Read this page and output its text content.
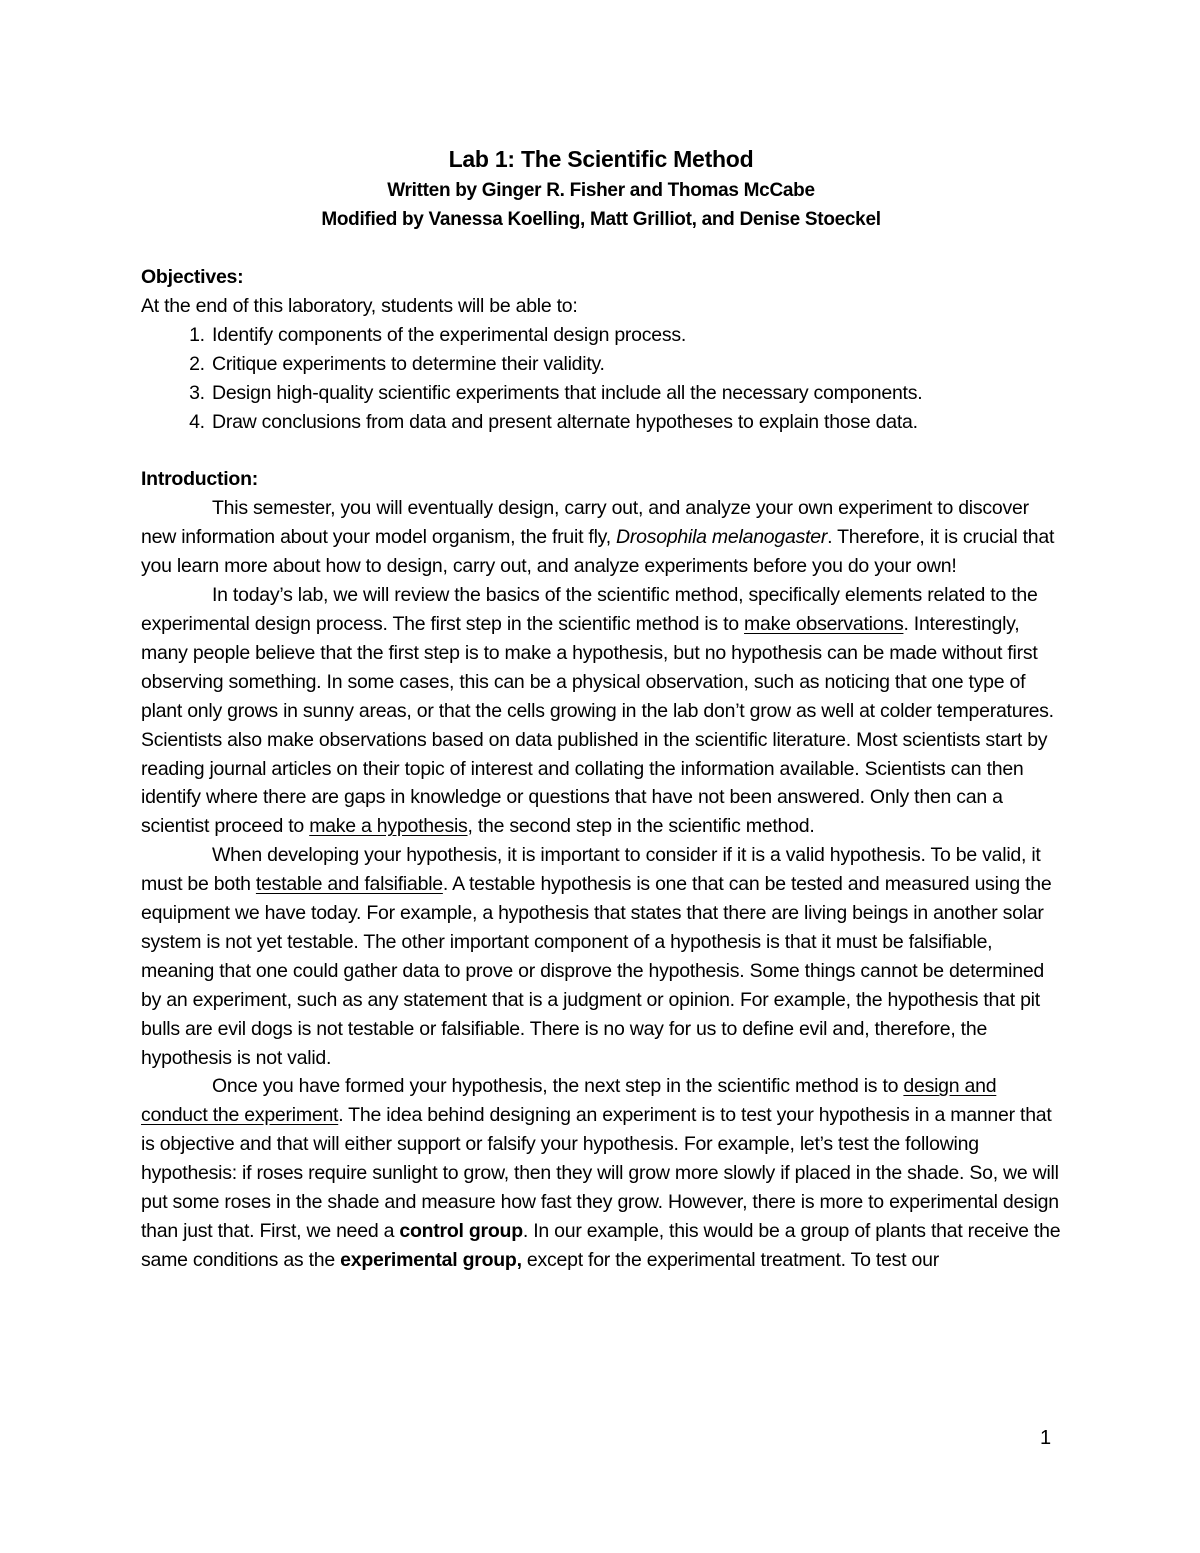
Lab 1: The Scientific Method

Written by Ginger R. Fisher and Thomas McCabe

Modified by Vanessa Koelling, Matt Grilliot, and Denise Stoeckel

Objectives:

At the end of this laboratory, students will be able to:

1. Identify components of the experimental design process.
2. Critique experiments to determine their validity.
3. Design high-quality scientific experiments that include all the necessary components.
4. Draw conclusions from data and present alternate hypotheses to explain those data.

Introduction:

This semester, you will eventually design, carry out, and analyze your own experiment to discover new information about your model organism, the fruit fly, Drosophila melanogaster. Therefore, it is crucial that you learn more about how to design, carry out, and analyze experiments before you do your own!

In today’s lab, we will review the basics of the scientific method, specifically elements related to the experimental design process. The first step in the scientific method is to make observations. Interestingly, many people believe that the first step is to make a hypothesis, but no hypothesis can be made without first observing something. In some cases, this can be a physical observation, such as noticing that one type of plant only grows in sunny areas, or that the cells growing in the lab don’t grow as well at colder temperatures. Scientists also make observations based on data published in the scientific literature. Most scientists start by reading journal articles on their topic of interest and collating the information available. Scientists can then identify where there are gaps in knowledge or questions that have not been answered. Only then can a scientist proceed to make a hypothesis, the second step in the scientific method.

When developing your hypothesis, it is important to consider if it is a valid hypothesis. To be valid, it must be both testable and falsifiable. A testable hypothesis is one that can be tested and measured using the equipment we have today. For example, a hypothesis that states that there are living beings in another solar system is not yet testable. The other important component of a hypothesis is that it must be falsifiable, meaning that one could gather data to prove or disprove the hypothesis. Some things cannot be determined by an experiment, such as any statement that is a judgment or opinion. For example, the hypothesis that pit bulls are evil dogs is not testable or falsifiable. There is no way for us to define evil and, therefore, the hypothesis is not valid.

Once you have formed your hypothesis, the next step in the scientific method is to design and conduct the experiment. The idea behind designing an experiment is to test your hypothesis in a manner that is objective and that will either support or falsify your hypothesis. For example, let’s test the following hypothesis: if roses require sunlight to grow, then they will grow more slowly if placed in the shade. So, we will put some roses in the shade and measure how fast they grow. However, there is more to experimental design than just that. First, we need a control group. In our example, this would be a group of plants that receive the same conditions as the experimental group, except for the experimental treatment. To test our

1
